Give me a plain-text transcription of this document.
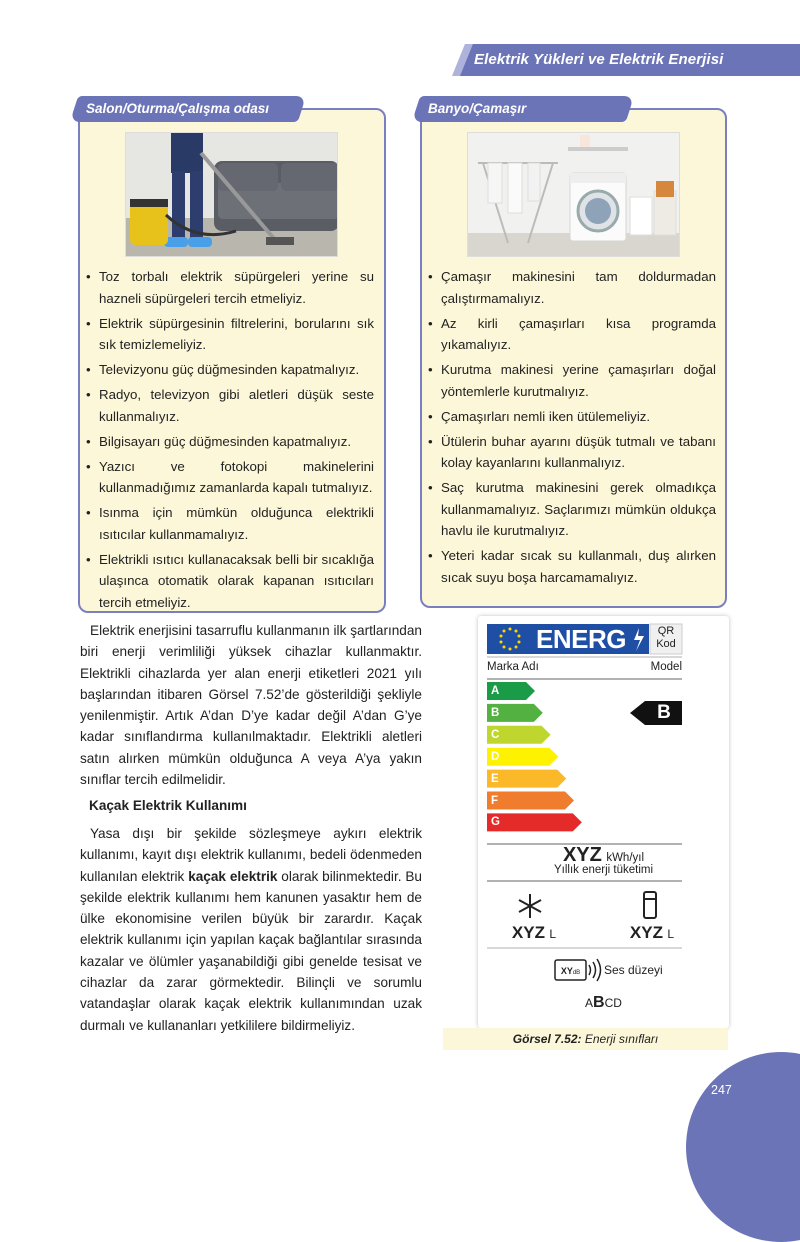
Elektrik Yükleri ve Elektrik Enerjisi
Salon/Oturma/Çalışma odası
• Toz torbalı elektrik süpürgeleri yerine su hazneli süpürgeleri tercih etmeliyiz.
• Elektrik süpürgesinin filtrelerini, borularını sık sık temizlemeliyiz.
• Televizyonu güç düğmesinden kapatmalıyız.
• Radyo, televizyon gibi aletleri düşük seste kullanmalıyız.
• Bilgisayarı güç düğmesinden kapatmalıyız.
• Yazıcı ve fotokopi makinelerini kullanmadığımız zamanlarda kapalı tutmalıyız.
• Isınma için mümkün olduğunca elektrikli ısıtıcılar kullanmamalıyız.
• Elektrikli ısıtıcı kullanacaksak belli bir sıcaklığa ulaşınca otomatik olarak kapanan ısıtıcıları tercih etmeliyiz.
Banyo/Çamaşır
• Çamaşır makinesini tam doldurmadan çalıştırmamalıyız.
• Az kirli çamaşırları kısa programda yıkamalıyız.
• Kurutma makinesi yerine çamaşırları doğal yöntemlerle kurutmalıyız.
• Çamaşırları nemli iken ütülemeliyiz.
• Ütülerin buhar ayarını düşük tutmalı ve tabanı kolay kayanlarını kullanmalıyız.
• Saç kurutma makinesini gerek olmadıkça kullanmamalıyız. Saçlarımızı mümkün oldukça havlu ile kurutmalıyız.
• Yeteri kadar sıcak su kullanmalı, duş alırken sıcak suyu boşa harcamamalıyız.

Elektrik enerjisini tasarruflu kullanmanın ilk şartlarından biri enerji verimliliği yüksek cihazlar kullanmaktır. Elektrikli cihazlarda yer alan enerji etiketleri 2021 yılı başlarından itibaren Görsel 7.52’de gösterildiği şekliyle yenilenmiştir. Artık A’dan D’ye kadar değil A’dan G’ye kadar sınıflandırma kullanılmaktadır. Elektrikli aletleri satın alırken mümkün olduğunca A veya A’ya yakın sınıflar tercih edilmelidir.

Kaçak Elektrik Kullanımı

Yasa dışı bir şekilde sözleşmeye aykırı elektrik kullanımı, kayıt dışı elektrik kullanımı, bedeli ödenmeden kullanılan elektrik kaçak elektrik olarak bilinmektedir. Bu şekilde elektrik kullanımı hem kanunen yasaktır hem de ülke ekonomisine verilen büyük bir zarardır. Kaçak elektrik kullanımı için yapılan kaçak bağlantılar sırasında kazalar ve ölümler yaşanabildiği gibi genelde tesisat ve cihazlar da zarar görmektedir. Bilinçli ve sorumlu vatandaşlar olarak kaçak elektrik kullanımından uzak durmalı ve kullananları yetkililere bildirmeliyiz.

ENERG	QR
Kod
Marka Adı	Model
A
B
C
D
E
F
G
B
XYZ kWh/yıl
Yıllık enerji tüketimi
XYZ L	XYZ L
XYdB	Ses düzeyi
ABCD
Görsel 7.52: Enerji sınıfları
247
